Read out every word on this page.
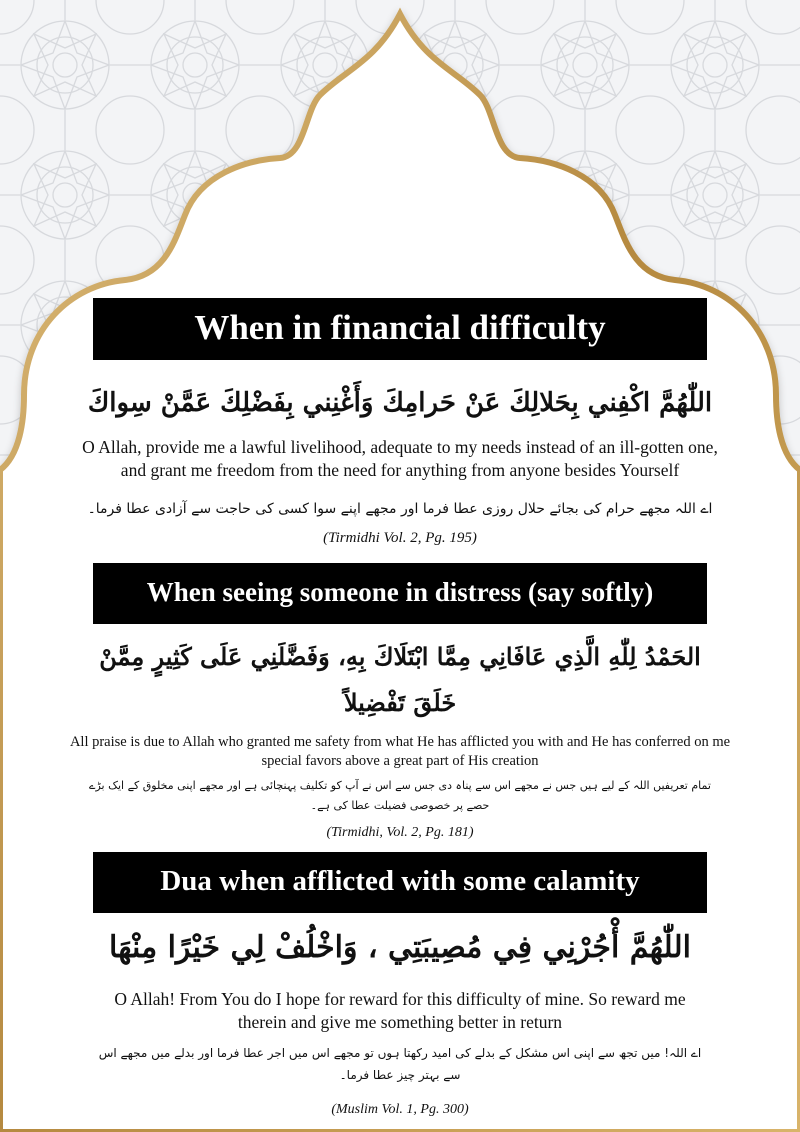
When in financial difficulty
اللّٰهُمَّ اكْفِني بِحَلالِكَ عَنْ حَرامِكَ وَأَغْنِني بِفَضْلِكَ عَمَّنْ سِواكَ
O Allah, provide me a lawful livelihood, adequate to my needs instead of an ill-gotten one,
and grant me freedom from the need for anything from anyone besides Yourself
اے اللہ مجھے حرام کی بجائے حلال روزی عطا فرما اور مجھے اپنے سوا کسی کی حاجت سے آزادی عطا فرما۔
(Tirmidhi Vol. 2, Pg. 195)
When seeing someone in distress (say softly)
الحَمْدُ لِلّٰهِ الَّذِي عَافَانِي مِمَّا ابْتَلَاكَ بِهِ، وَفَضَّلَنِي عَلَى كَثِيرٍ مِمَّنْ
خَلَقَ تَفْضِيلاً
All praise is due to Allah who granted me safety from what He has afflicted you with and He has conferred on me
special favors above a great part of His creation
تمام تعریفیں اللہ کے لیے ہیں جس نے مجھے اس سے پناہ دی جس سے اس نے آپ کو تکلیف پہنچائی ہے اور مجھے اپنی مخلوق کے ایک بڑے
حصے پر خصوصی فضیلت عطا کی ہے۔
(Tirmidhi, Vol. 2, Pg. 181)
Dua when afflicted with some calamity
اللّٰهُمَّ أْجُرْنِي فِي مُصِيبَتِي ، وَاخْلُفْ لِي خَيْرًا مِنْهَا
O Allah! From You do I hope for reward for this difficulty of mine. So reward me
therein and give me something better in return
اے اللہ! میں تجھ سے اپنی اس مشکل کے بدلے کی امید رکھتا ہوں تو مجھے اس میں اجر عطا فرما اور بدلے میں مجھے اس
سے بہتر چیز عطا فرما۔
(Muslim Vol. 1, Pg. 300)
